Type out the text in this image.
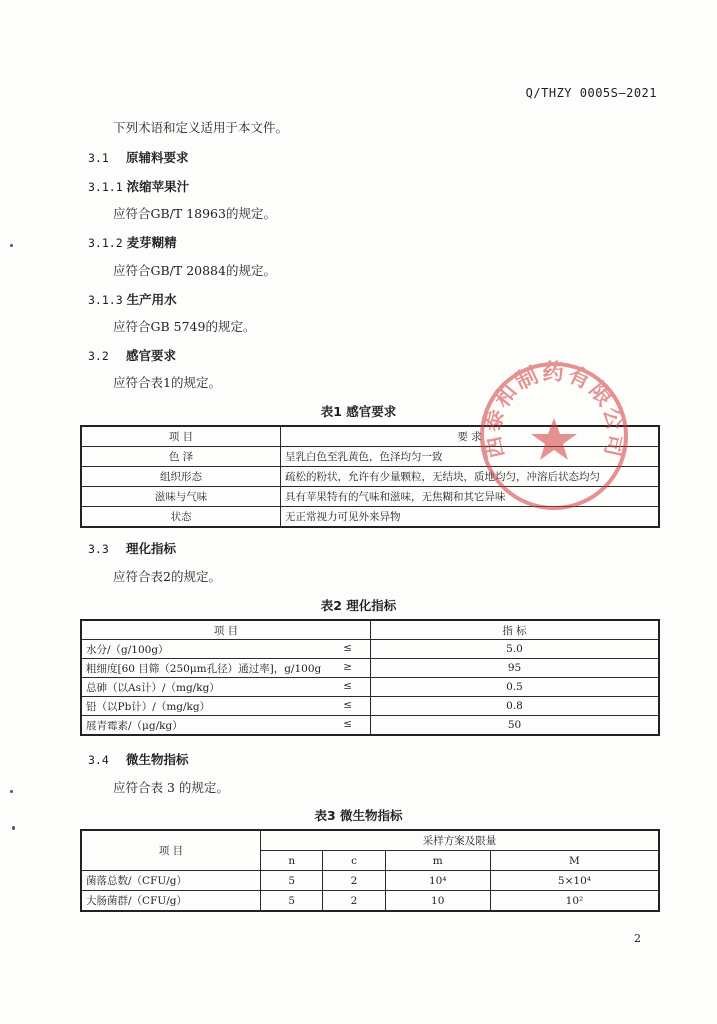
Q/THZY 0005S—2021
下列术语和定义适用于本文件。
3.1 原辅料要求
3.1.1 浓缩苹果汁
应符合GB/T 18963的规定。
3.1.2 麦芽糊精
应符合GB/T 20884的规定。
3.1.3 生产用水
应符合GB 5749的规定。
3.2 感官要求
应符合表1的规定。
表1 感官要求
项 目	要 求
色 泽	呈乳白色至乳黄色，色泽均匀一致
组织形态	疏松的粉状，允许有少量颗粒，无结块，质地均匀，冲溶后状态均匀
滋味与气味	具有苹果特有的气味和滋味，无焦糊和其它异味
状态	无正常视力可见外来异物
西泰和制药有限公司
3.3 理化指标
应符合表2的规定。
表2 理化指标
项 目	指 标
水分/（g/100g） ≤	5.0
粗细度[60 目筛（250μm孔径）通过率]，g/100g ≥	95
总砷（以As计）/（mg/kg） ≤	0.5
铅（以Pb计）/（mg/kg） ≤	0.8
展青霉素/（μg/kg） ≤	50
3.4 微生物指标
应符合表 3 的规定。
表3 微生物指标
项 目	采样方案及限量			
	n	c	m	M
菌落总数/（CFU/g）	5	2	10⁴	5×10⁴
大肠菌群/（CFU/g）	5	2	10	10²
2
